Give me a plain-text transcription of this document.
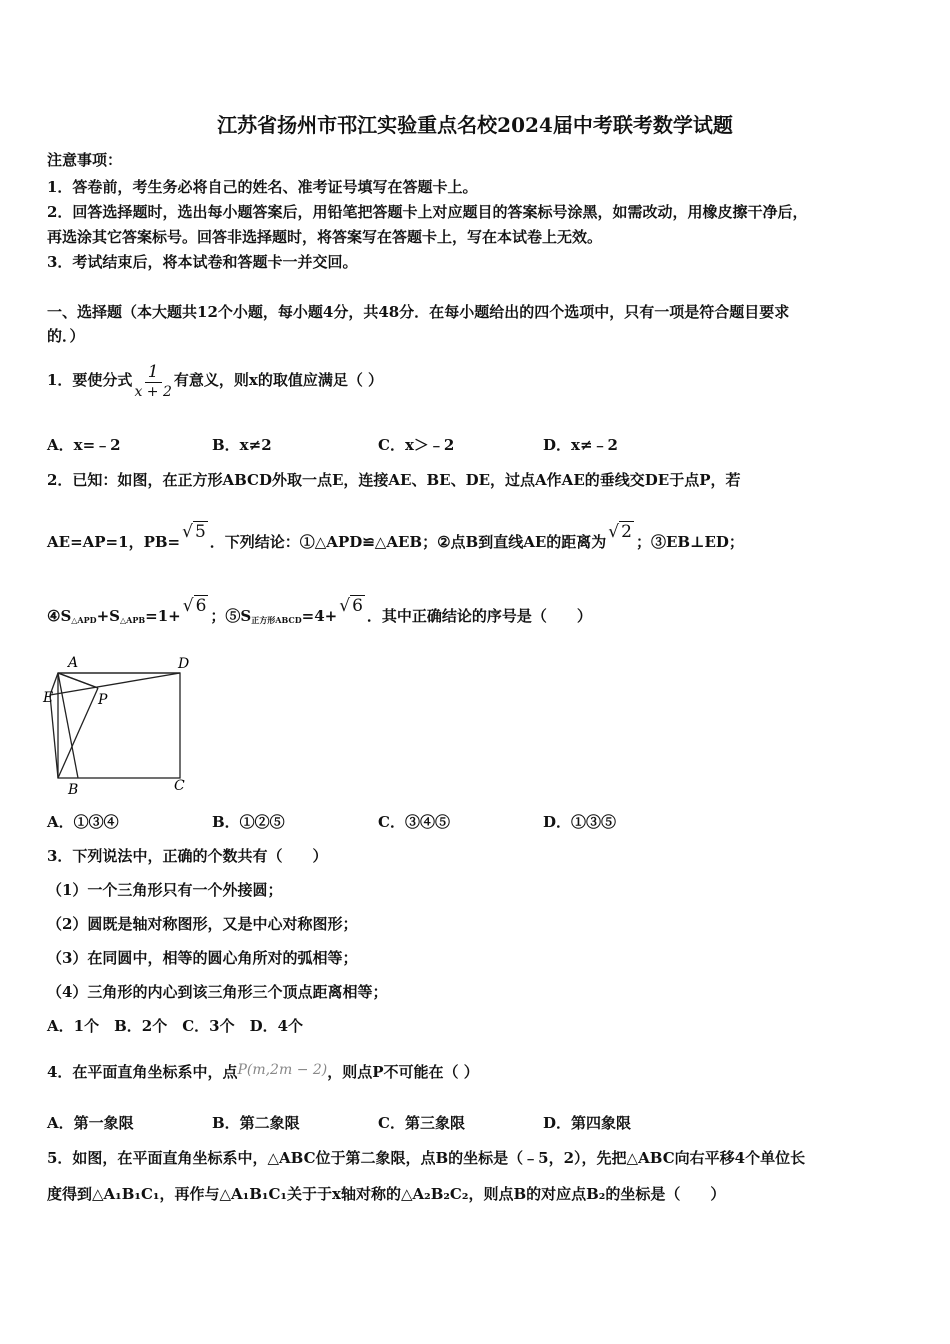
江苏省扬州市邗江实验重点名校2024届中考联考数学试题
注意事项：
1．答卷前，考生务必将自己的姓名、准考证号填写在答题卡上。
2．回答选择题时，选出每小题答案后，用铅笔把答题卡上对应题目的答案标号涂黑，如需改动，用橡皮擦干净后，
再选涂其它答案标号。回答非选择题时，将答案写在答题卡上，写在本试卷上无效。
3．考试结束后，将本试卷和答题卡一并交回。
一、选择题（本大题共12个小题，每小题4分，共48分．在每小题给出的四个选项中，只有一项是符合题目要求
的．）
1．要使分式 $\frac{1}{x + 2}$ 有意义，则x的取值应满足（ ）
A．x=﹣2	B．x≠2	C．x＞﹣2	D．x≠﹣2
2．已知：如图，在正方形ABCD外取一点E，连接AE、BE、DE，过点A作AE的垂线交DE于点P，若
AE=AP=1，PB= √ 5 ．下列结论：①△APD≌△AEB；②点B到直线AE的距离为 √ 2 ；③EB⊥ED；
$④S_{\triangle APD}+S_{\triangle APB}=1+$ √ 6 ；$⑤S_{正方形ABCD}=4+$ √ 6 ．其中正确结论的序号是（　　）
A	D
E	P
B	C
A．①③④	B．①②⑤	C．③④⑤	D．①③⑤
3．下列说法中，正确的个数共有（　　）
（1）一个三角形只有一个外接圆；
（2）圆既是轴对称图形，又是中心对称图形；
（3）在同圆中，相等的圆心角所对的弧相等；
（4）三角形的内心到该三角形三个顶点距离相等；
A．1个　B．2个　C．3个　D．4个
4．在平面直角坐标系中，点P(m,2m − 2)，则点P不可能在（ ）
A．第一象限	B．第二象限	C．第三象限	D．第四象限
5．如图，在平面直角坐标系中，△ABC位于第二象限，点B的坐标是（﹣5，2），先把△ABC向右平移4个单位长
度得到△A₁B₁C₁，再作与△A₁B₁C₁关于于x轴对称的△A₂B₂C₂，则点B的对应点B₂的坐标是（　　）
